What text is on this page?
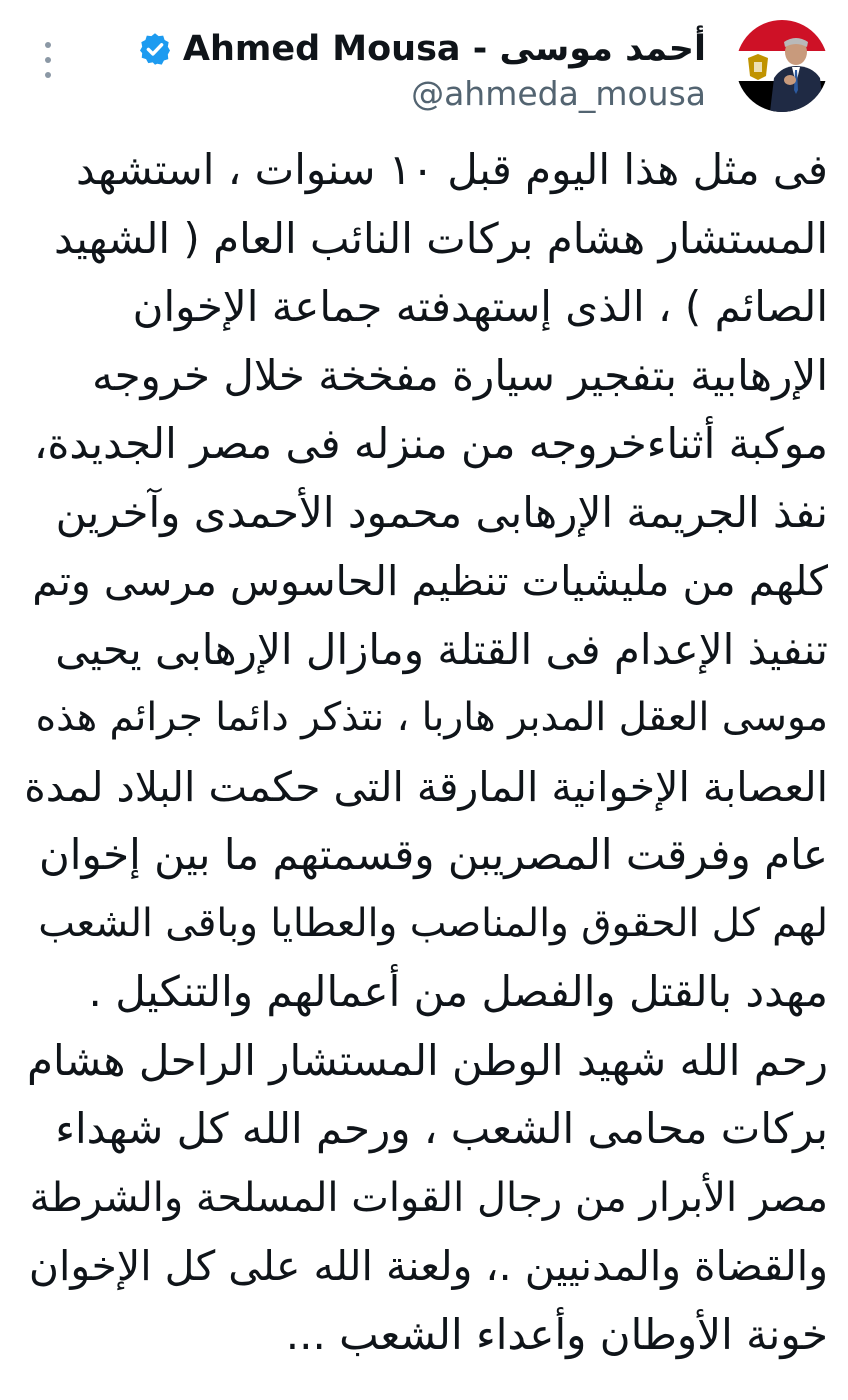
أحمد موسى - Ahmed Mousa
@ahmeda_mousa
فى مثل هذا اليوم قبل ١٠ سنوات ، استشهد
المستشار هشام بركات النائب العام ( الشهيد
الصائم ) ، الذى إستهدفته جماعة الإخوان
الإرهابية بتفجير سيارة مفخخة خلال خروجه
موكبة أثناءخروجه من منزله فى مصر الجديدة،
نفذ الجريمة الإرهابى محمود الأحمدى وآخرين
كلهم من مليشيات تنظيم الحاسوس مرسى وتم
تنفيذ الإعدام فى القتلة ومازال الإرهابى يحيى
موسى العقل المدبر هاربا ، نتذكر دائما جرائم هذه
العصابة الإخوانية المارقة التى حكمت البلاد لمدة
عام وفرقت المصريبن وقسمتهم ما بين إخوان
لهم كل الحقوق والمناصب والعطايا وباقى الشعب
مهدد بالقتل والفصل من أعمالهم والتنكيل .
رحم الله شهيد الوطن المستشار الراحل هشام
بركات محامى الشعب ، ورحم الله كل شهداء
مصر الأبرار من رجال القوات المسلحة والشرطة
والقضاة والمدنيين .، ولعنة الله على كل الإخوان
خونة الأوطان وأعداء الشعب ...
